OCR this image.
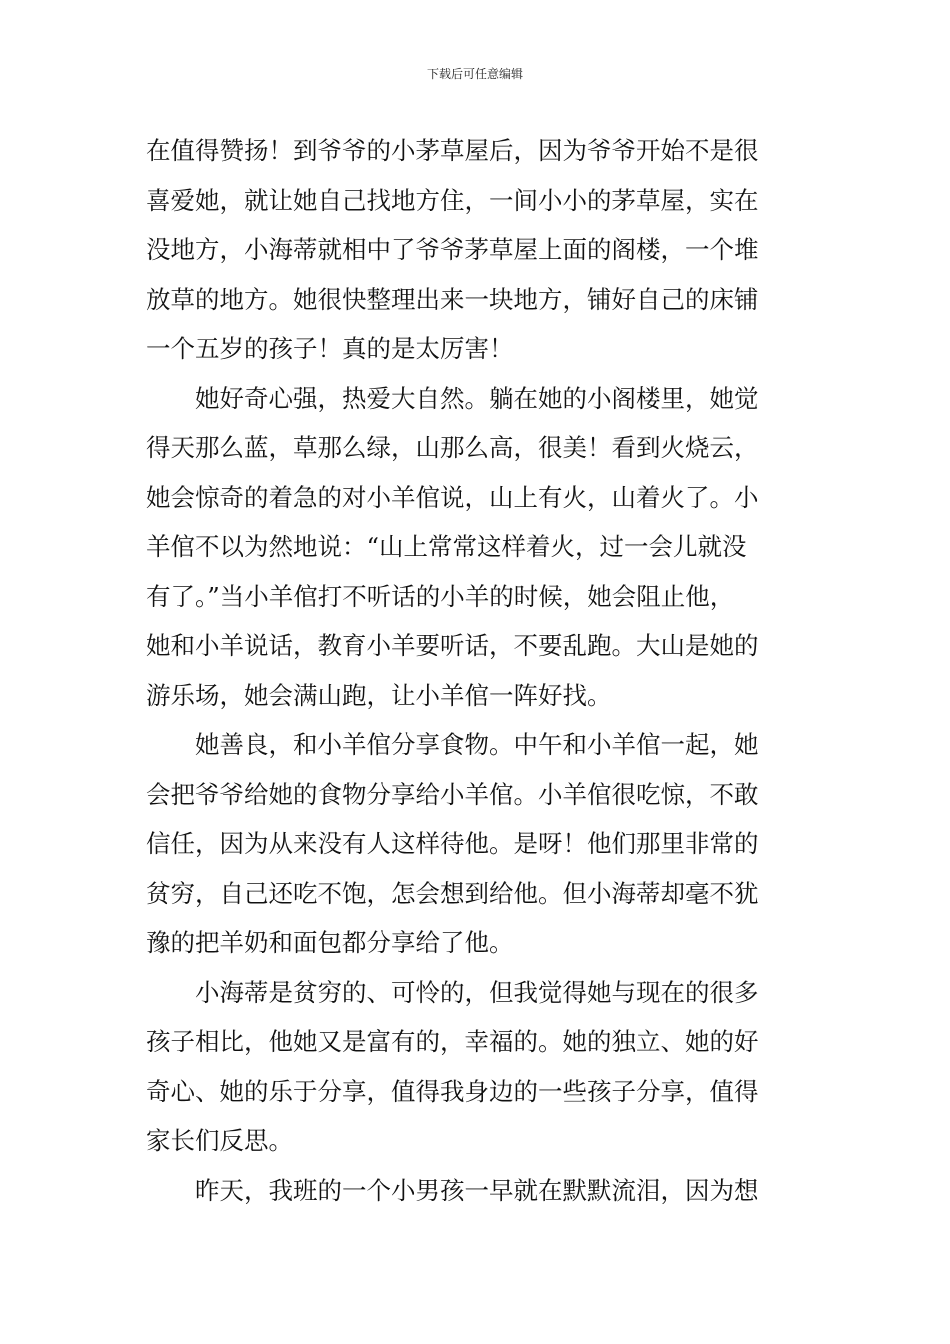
下载后可任意编辑
在值得赞扬！到爷爷的小茅草屋后，因为爷爷开始不是很
喜爱她，就让她自己找地方住，一间小小的茅草屋，实在
没地方，小海蒂就相中了爷爷茅草屋上面的阁楼，一个堆
放草的地方。她很快整理出来一块地方，铺好自己的床铺
一个五岁的孩子！真的是太厉害！
她好奇心强，热爱大自然。躺在她的小阁楼里，她觉
得天那么蓝，草那么绿，山那么高，很美！看到火烧云，
她会惊奇的着急的对小羊倌说，山上有火，山着火了。小
羊倌不以为然地说：“山上常常这样着火，过一会儿就没
有了。”当小羊倌打不听话的小羊的时候，她会阻止他，
她和小羊说话，教育小羊要听话，不要乱跑。大山是她的
游乐场，她会满山跑，让小羊倌一阵好找。
她善良，和小羊倌分享食物。中午和小羊倌一起，她
会把爷爷给她的食物分享给小羊倌。小羊倌很吃惊，不敢
信任，因为从来没有人这样待他。是呀！他们那里非常的
贫穷，自己还吃不饱，怎会想到给他。但小海蒂却毫不犹
豫的把羊奶和面包都分享给了他。
小海蒂是贫穷的、可怜的，但我觉得她与现在的很多
孩子相比，他她又是富有的，幸福的。她的独立、她的好
奇心、她的乐于分享，值得我身边的一些孩子分享，值得
家长们反思。
昨天，我班的一个小男孩一早就在默默流泪，因为想
